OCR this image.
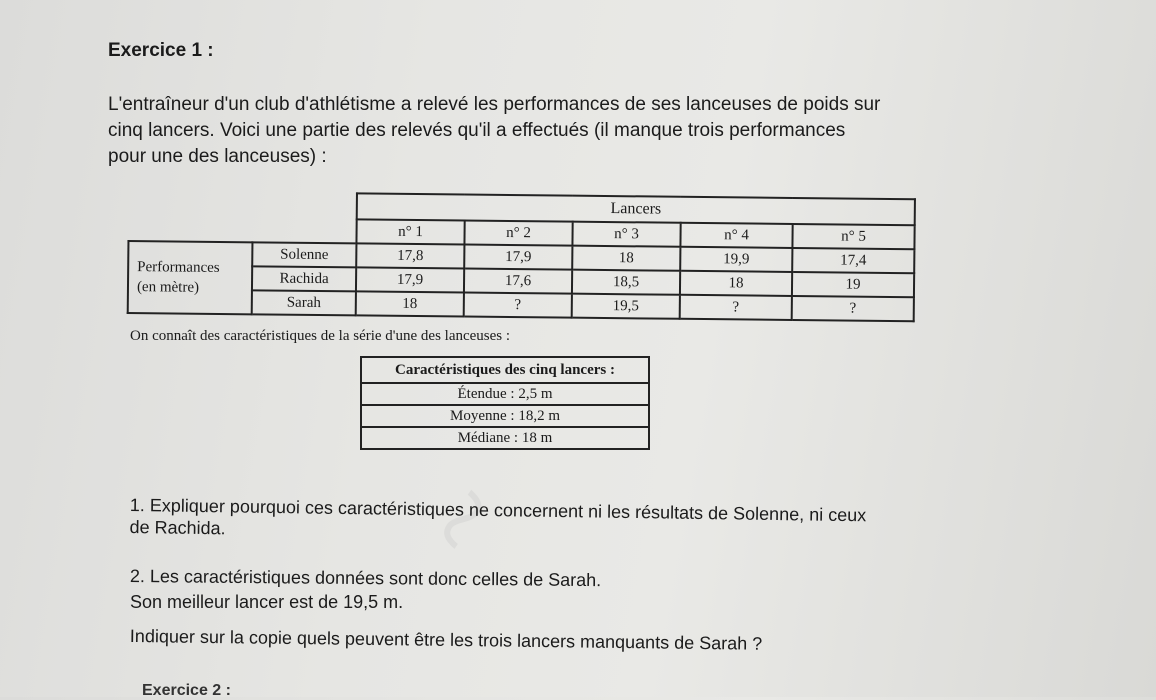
~
Exercice 1 :
L'entraîneur d'un club d'athlétisme a relevé les performances de ses lanceuses de poids sur cinq lancers. Voici une partie des relevés qu'il a effectués (il manque trois performances pour une des lanceuses) :
		Lancers				
		n° 1	n° 2	n° 3	n° 4	n° 5

Performances
(en mètre)	Solenne	17,8	17,9	18	19,9	17,4
	Rachida	17,9	17,6	18,5	18	19
	Sarah	18	?	19,5	?	?
On connaît des caractéristiques de la série d'une des lanceuses :
Caractéristiques des cinq lancers :
Étendue : 2,5 m
Moyenne : 18,2 m
Médiane : 18 m
1. Expliquer pourquoi ces caractéristiques ne concernent ni les résultats de Solenne, ni ceux de Rachida.
2. Les caractéristiques données sont donc celles de Sarah.
Son meilleur lancer est de 19,5 m.
Indiquer sur la copie quels peuvent être les trois lancers manquants de Sarah ?
Exercice 2 :
